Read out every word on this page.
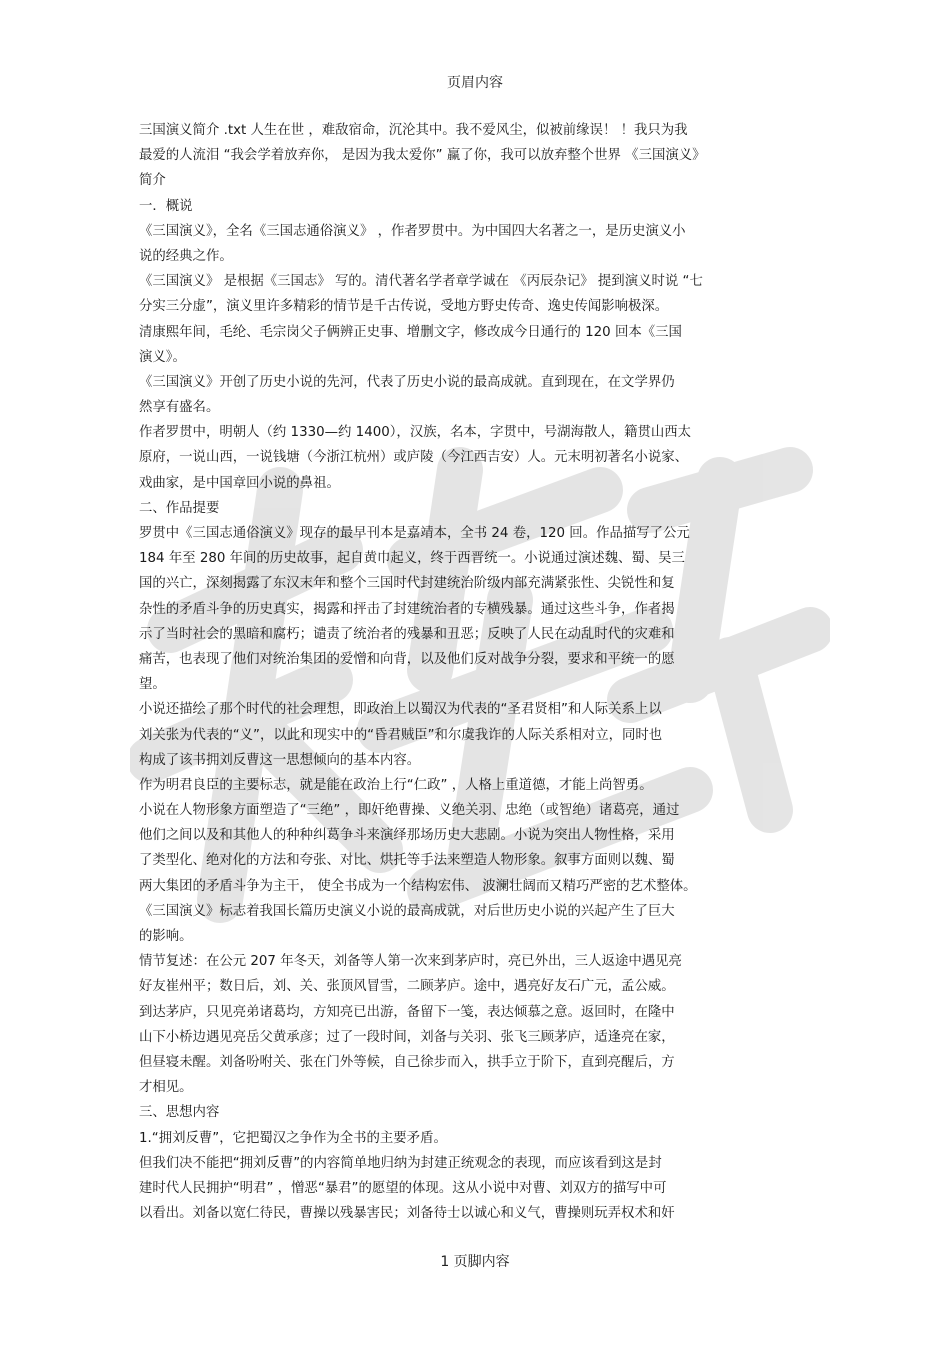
页眉内容
三国演义简介 .txt 人生在世 ，难敌宿命，沉沦其中。我不爱风尘，似被前缘误！ ！我只为我
最爱的人流泪 “我会学着放弃你， 是因为我太爱你” 赢了你，我可以放弃整个世界 《三国演义》
简介
一．概说
《三国演义》，全名《三国志通俗演义》 ，作者罗贯中。为中国四大名著之一，是历史演义小
说的经典之作。
《三国演义》 是根据《三国志》 写的。清代著名学者章学诚在 《丙辰杂记》 提到演义时说 “七
分实三分虚”，演义里许多精彩的情节是千古传说，受地方野史传奇、逸史传闻影响极深。
清康熙年间，毛纶、毛宗岗父子俩辨正史事、增删文字，修改成今日通行的 120 回本《三国
演义》。
《三国演义》开创了历史小说的先河，代表了历史小说的最高成就。直到现在，在文学界仍
然享有盛名。
作者罗贯中，明朝人（约 1330—约 1400），汉族，名本，字贯中，号湖海散人，籍贯山西太
原府，一说山西，一说钱塘（今浙江杭州）或庐陵（今江西吉安）人。元末明初著名小说家、
戏曲家，是中国章回小说的鼻祖。
二、作品提要
罗贯中《三国志通俗演义》现存的最早刊本是嘉靖本，全书 24 卷，120 回。作品描写了公元
184 年至 280 年间的历史故事，起自黄巾起义，终于西晋统一。小说通过演述魏、蜀、吴三
国的兴亡，深刻揭露了东汉末年和整个三国时代封建统治阶级内部充满紧张性、尖锐性和复
杂性的矛盾斗争的历史真实，揭露和抨击了封建统治者的专横残暴。通过这些斗争，作者揭
示了当时社会的黑暗和腐朽；谴责了统治者的残暴和丑恶；反映了人民在动乱时代的灾难和
痛苦，也表现了他们对统治集团的爱憎和向背，以及他们反对战争分裂，要求和平统一的愿
望。
小说还描绘了那个时代的社会理想，即政治上以蜀汉为代表的“圣君贤相”和人际关系上以
刘关张为代表的“义”，以此和现实中的“昏君贼臣”和尔虞我诈的人际关系相对立，同时也
构成了该书拥刘反曹这一思想倾向的基本内容。
作为明君良臣的主要标志，就是能在政治上行“仁政” ，人格上重道德，才能上尚智勇。
小说在人物形象方面塑造了“三绝” ，即奸绝曹操、义绝关羽、忠绝（或智绝）诸葛亮，通过
他们之间以及和其他人的种种纠葛争斗来演绎那场历史大悲剧。小说为突出人物性格，采用
了类型化、绝对化的方法和夸张、对比、烘托等手法来塑造人物形象。叙事方面则以魏、蜀
两大集团的矛盾斗争为主干， 使全书成为一个结构宏伟、 波澜壮阔而又精巧严密的艺术整体。
《三国演义》标志着我国长篇历史演义小说的最高成就，对后世历史小说的兴起产生了巨大
的影响。
情节复述：在公元 207 年冬天，刘备等人第一次来到茅庐时，亮已外出，三人返途中遇见亮
好友崔州平；数日后，刘、关、张顶风冒雪，二顾茅庐。途中，遇亮好友石广元，孟公威。
到达茅庐，只见亮弟诸葛均，方知亮已出游，备留下一笺，表达倾慕之意。返回时，在隆中
山下小桥边遇见亮岳父黄承彦；过了一段时间，刘备与关羽、张飞三顾茅庐，适逢亮在家，
但昼寝未醒。刘备吩咐关、张在门外等候，自己徐步而入，拱手立于阶下，直到亮醒后，方
才相见。
三、思想内容
1.“拥刘反曹”，它把蜀汉之争作为全书的主要矛盾。
但我们决不能把“拥刘反曹”的内容简单地归纳为封建正统观念的表现，而应该看到这是封
建时代人民拥护“明君” ，憎恶“暴君”的愿望的体现。这从小说中对曹、刘双方的描写中可
以看出。刘备以宽仁待民，曹操以残暴害民；刘备待士以诚心和义气，曹操则玩弄权术和奸
1 页脚内容
